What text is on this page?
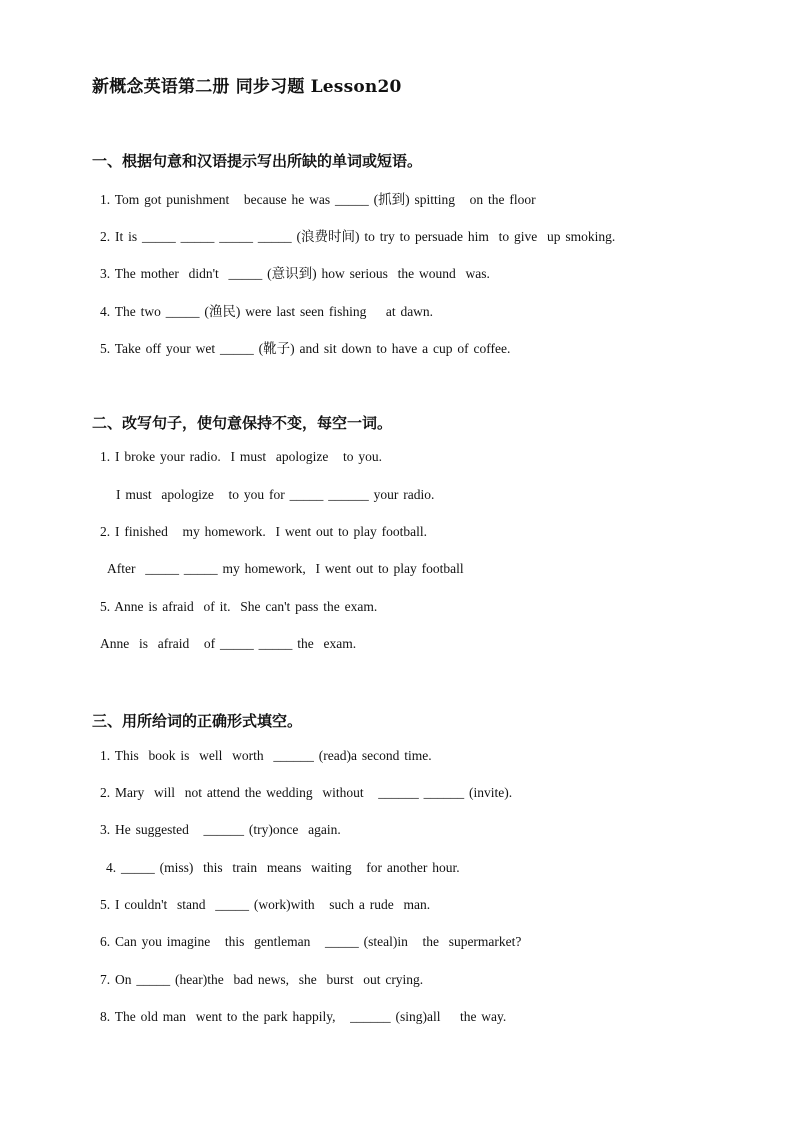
新概念英语第二册 同步习题 Lesson20
一、根据句意和汉语提示写出所缺的单词或短语。
1. Tom got punishment   because he was _____ (抓到) spitting   on the floor
2. It is _____ _____ _____ _____ (浪费时间) to try to persuade him  to give  up smoking.
3. The mother  didn't  _____ (意识到) how serious  the wound  was.
4. The two _____ (渔民) were last seen fishing    at dawn.
5. Take off your wet _____ (靴子) and sit down to have a cup of coffee.
二、改写句子，使句意保持不变，每空一词。
1. I broke your radio.  I must  apologize   to you.
I must  apologize   to you for _____ ______ your radio.
2. I finished   my homework.  I went out to play football.
After  _____ _____ my homework,  I went out to play football
5. Anne is afraid  of it.  She can't pass the exam.
Anne  is  afraid   of _____ _____ the  exam.
三、用所给词的正确形式填空。
1. This  book is  well  worth  ______ (read)a second time.
2. Mary  will  not attend the wedding  without   ______ ______ (invite).
3. He suggested   ______ (try)once  again.
4. _____ (miss)  this  train  means  waiting   for another hour.
5. I couldn't  stand  _____ (work)with   such a rude  man.
6. Can you imagine   this  gentleman   _____ (steal)in   the  supermarket?
7. On _____ (hear)the  bad news,  she  burst  out crying.
8. The old man  went to the park happily,   ______ (sing)all    the way.
